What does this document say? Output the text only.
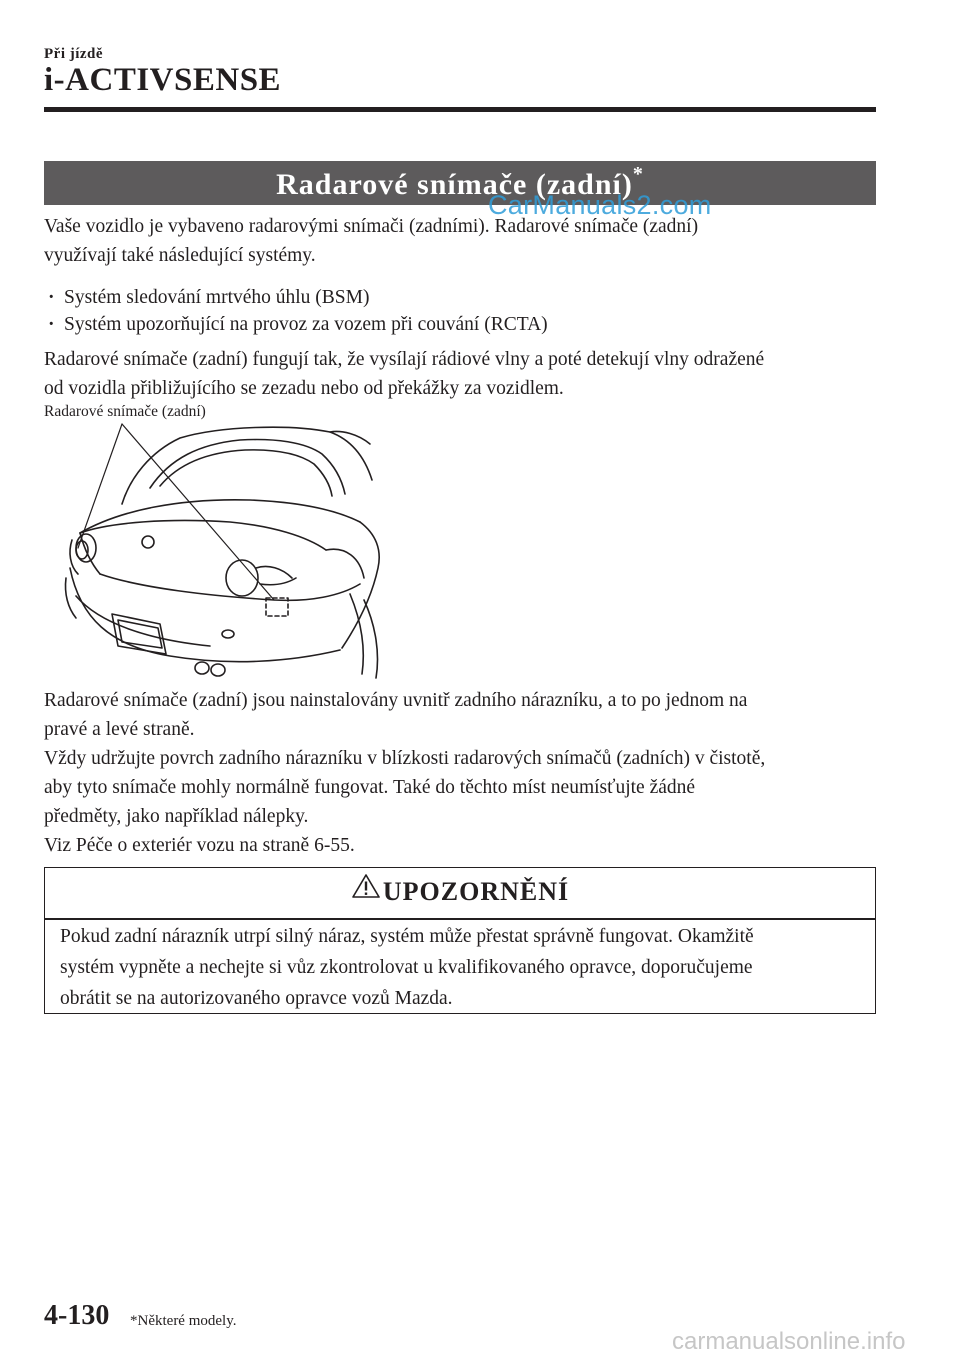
Při jízdě
i-ACTIVSENSE
Radarové snímače (zadní)*
CarManuals2.com
Vaše vozidlo je vybaveno radarovými snímači (zadními). Radarové snímače (zadní)
využívají také následující systémy.
· Systém sledování mrtvého úhlu (BSM)
· Systém upozorňující na provoz za vozem při couvání (RCTA)
Radarové snímače (zadní) fungují tak, že vysílají rádiové vlny a poté detekují vlny odražené
od vozidla přibližujícího se zezadu nebo od překážky za vozidlem.
Radarové snímače (zadní)
Radarové snímače (zadní) jsou nainstalovány uvnitř zadního nárazníku, a to po jednom na
pravé a levé straně.
Vždy udržujte povrch zadního nárazníku v blízkosti radarových snímačů (zadních) v čistotě,
aby tyto snímače mohly normálně fungovat. Také do těchto míst neumísťujte žádné
předměty, jako například nálepky.
Viz Péče o exteriér vozu na straně 6-55.
UPOZORNĚNÍ
Pokud zadní nárazník utrpí silný náraz, systém může přestat správně fungovat. Okamžitě
systém vypněte a nechejte si vůz zkontrolovat u kvalifikovaného opravce, doporučujeme
obrátit se na autorizovaného opravce vozů Mazda.
4-130 *Některé modely.
carmanualsonline.info
